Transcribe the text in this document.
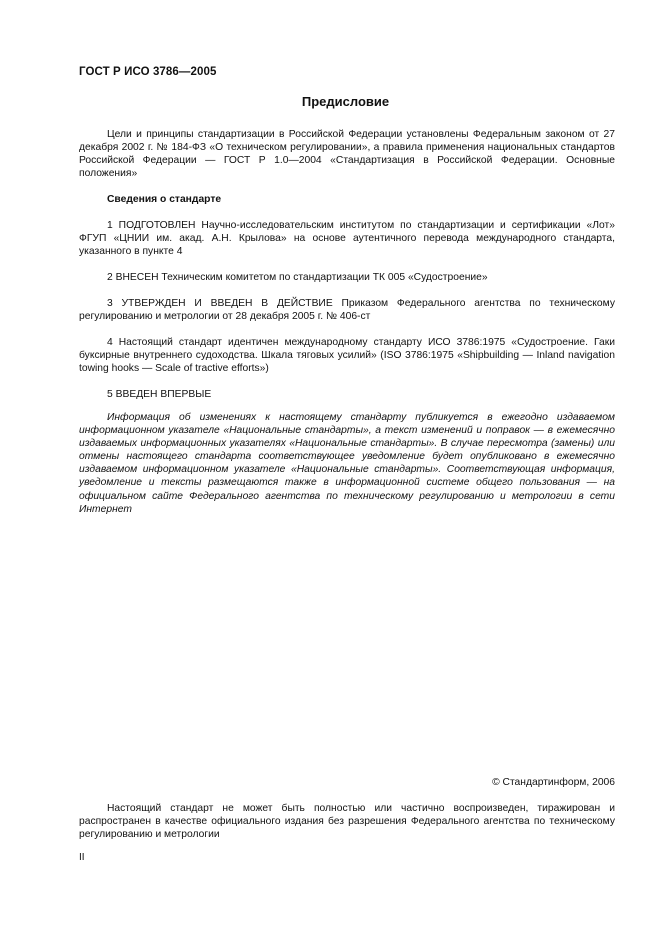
ГОСТ Р ИСО 3786—2005
Предисловие

Цели и принципы стандартизации в Российской Федерации установлены Федеральным законом от 27 декабря 2002 г. № 184-ФЗ «О техническом регулировании», а правила применения национальных стандартов Российской Федерации — ГОСТ Р 1.0—2004 «Стандартизация в Российской Федерации. Основные положения»

Сведения о стандарте

1 ПОДГОТОВЛЕН Научно-исследовательским институтом по стандартизации и сертификации «Лот» ФГУП «ЦНИИ им. акад. А.Н. Крылова» на основе аутентичного перевода международного стандарта, указанного в пункте 4

2 ВНЕСЕН Техническим комитетом по стандартизации ТК 005 «Судостроение»

3 УТВЕРЖДЕН И ВВЕДЕН В ДЕЙСТВИЕ Приказом Федерального агентства по техническому регулированию и метрологии от 28 декабря 2005 г. № 406-ст

4 Настоящий стандарт идентичен международному стандарту ИСО 3786:1975 «Судостроение. Гаки буксирные внутреннего судоходства. Шкала тяговых усилий» (ISO 3786:1975 «Shipbuilding — Inland navigation towing hooks — Scale of tractive efforts»)

5 ВВЕДЕН ВПЕРВЫЕ

Информация об изменениях к настоящему стандарту публикуется в ежегодно издаваемом информационном указателе «Национальные стандарты», а текст изменений и поправок — в ежемесячно издаваемых информационных указателях «Национальные стандарты». В случае пересмотра (замены) или отмены настоящего стандарта соответствующее уведомление будет опубликовано в ежемесячно издаваемом информационном указателе «Национальные стандарты». Соответствующая информация, уведомление и тексты размещаются также в информационной системе общего пользования — на официальном сайте Федерального агентства по техническому регулированию и метрологии в сети Интернет

© Стандартинформ, 2006

Настоящий стандарт не может быть полностью или частично воспроизведен, тиражирован и распространен в качестве официального издания без разрешения Федерального агентства по техническому регулированию и метрологии

II
